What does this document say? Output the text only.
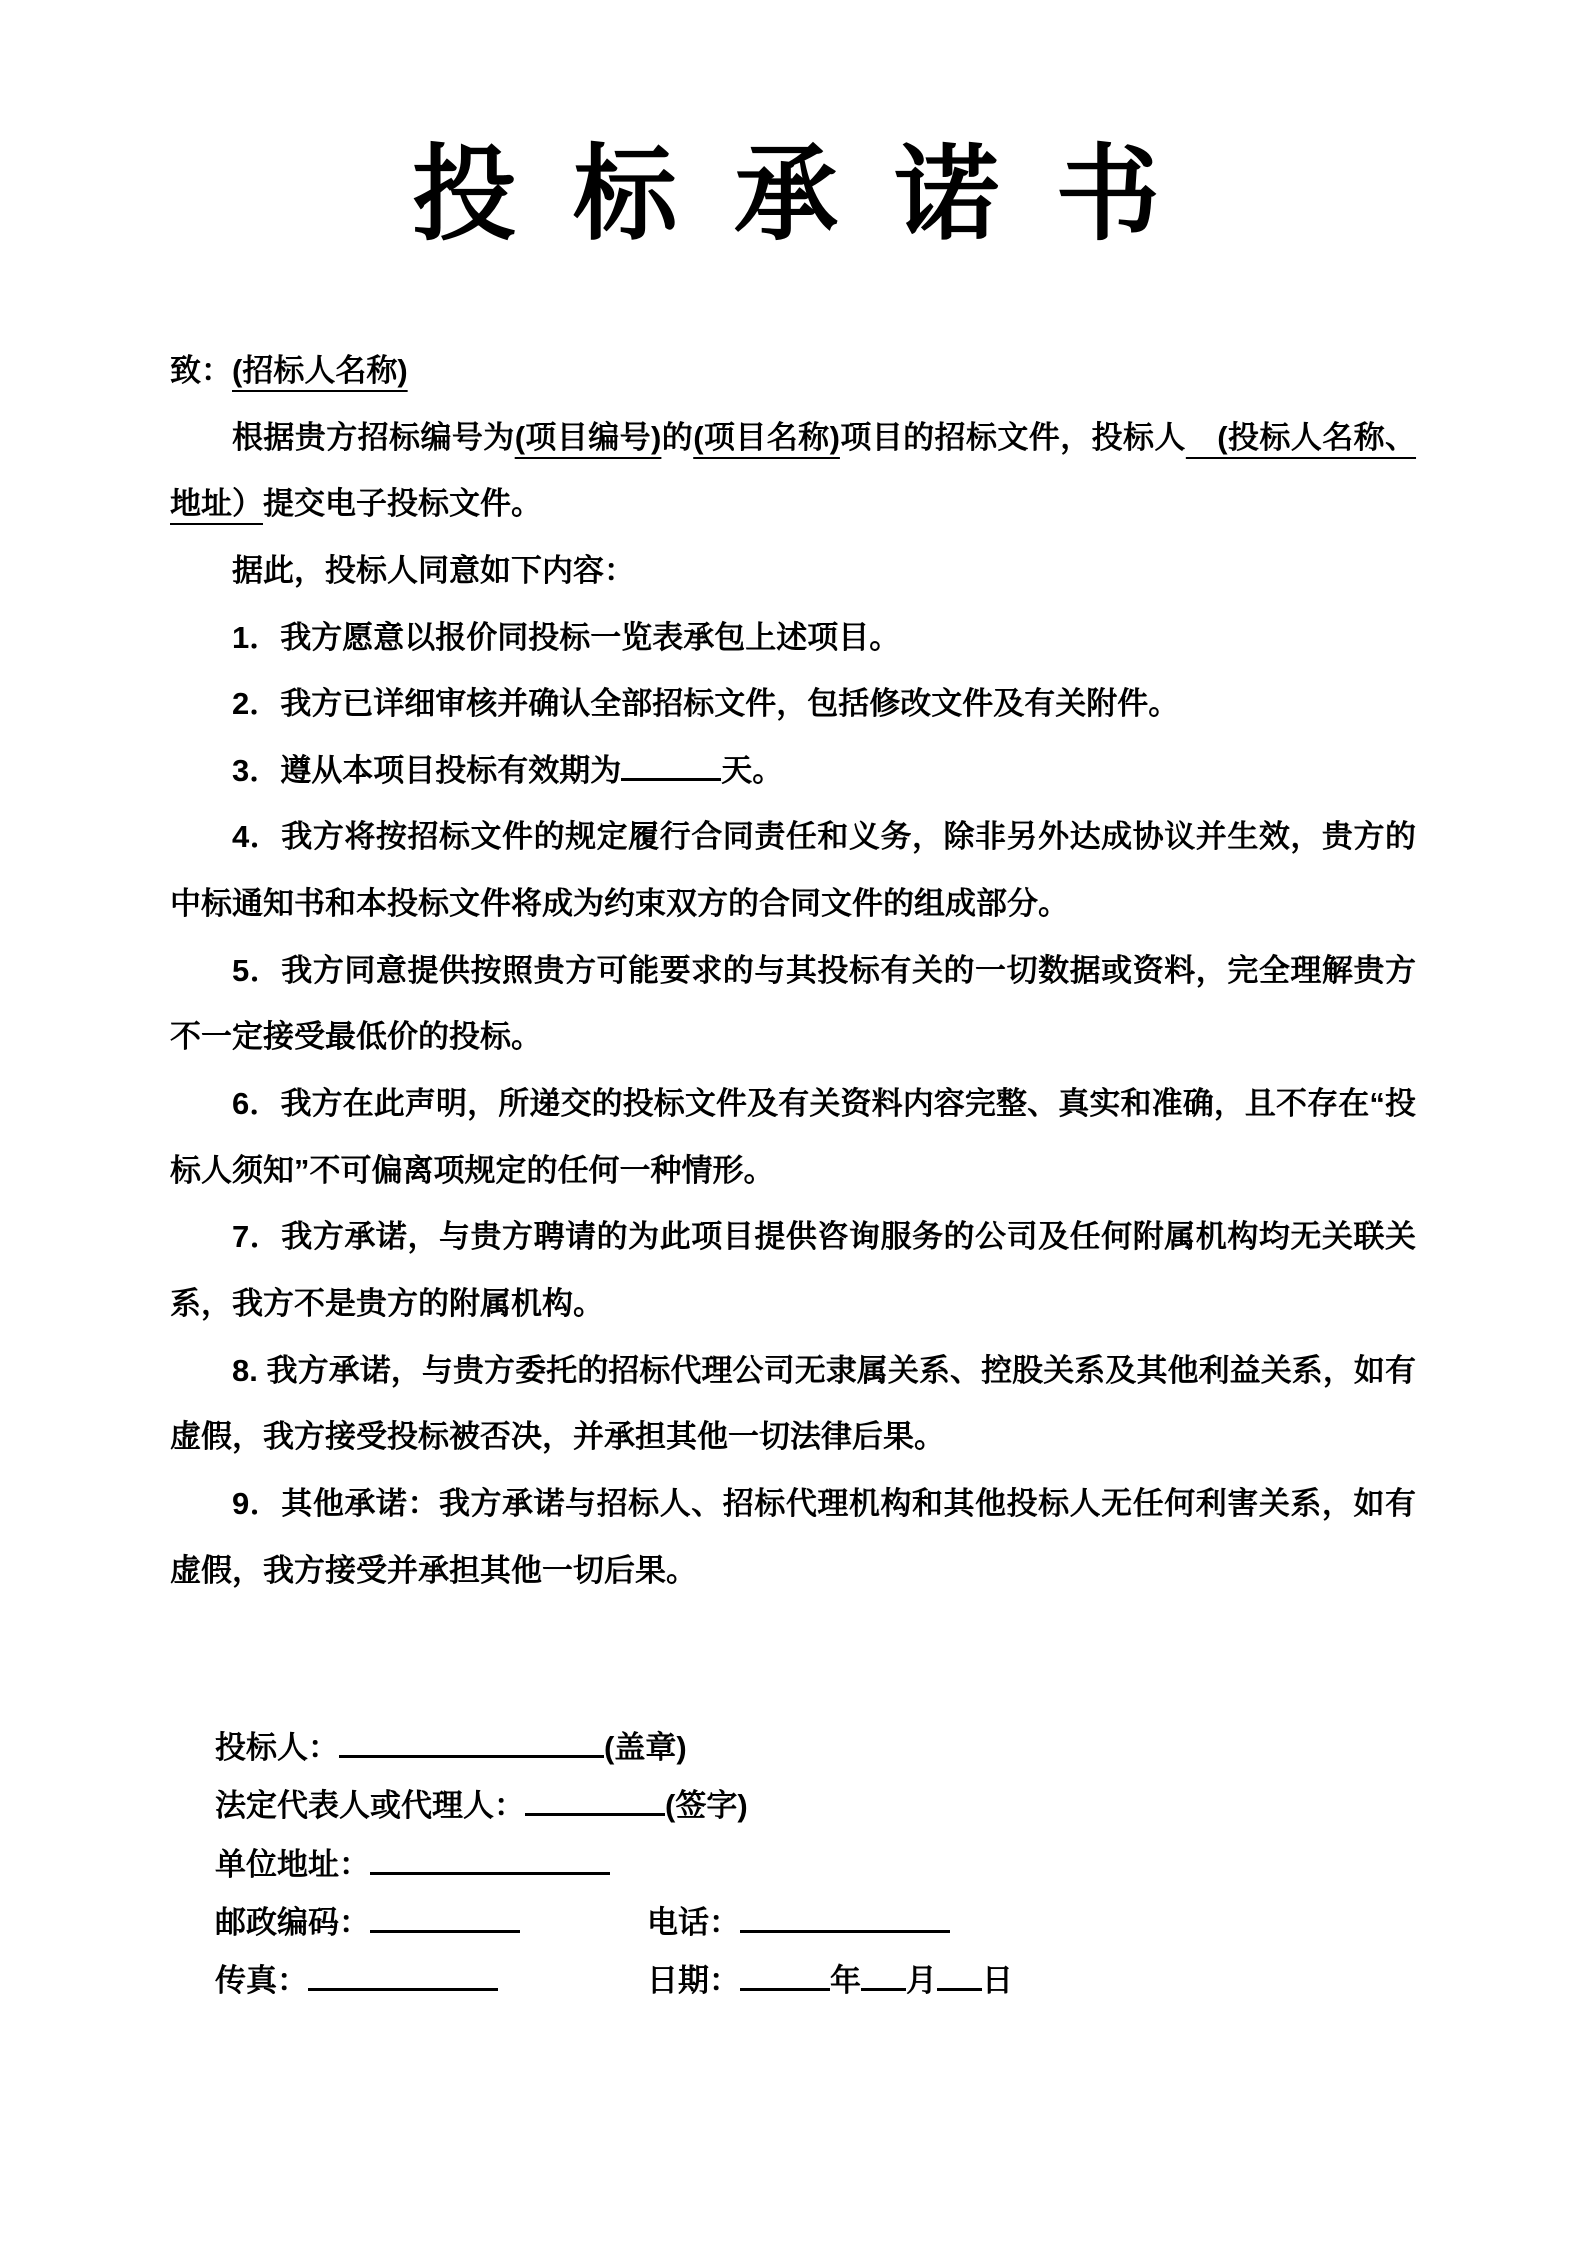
投 标 承 诺 书

致：(招标人名称)

根据贵方招标编号为(项目编号)的(项目名称)项目的招标文件，投标人　(投标人名称、地址）提交电子投标文件。

据此，投标人同意如下内容：

1．我方愿意以报价同投标一览表承包上述项目。

2．我方已详细审核并确认全部招标文件，包括修改文件及有关附件。

3．遵从本项目投标有效期为	天。

4．我方将按招标文件的规定履行合同责任和义务，除非另外达成协议并生效，贵方的中标通知书和本投标文件将成为约束双方的合同文件的组成部分。

5．我方同意提供按照贵方可能要求的与其投标有关的一切数据或资料，完全理解贵方不一定接受最低价的投标。

6．我方在此声明，所递交的投标文件及有关资料内容完整、真实和准确，且不存在“投标人须知”不可偏离项规定的任何一种情形。

7．我方承诺，与贵方聘请的为此项目提供咨询服务的公司及任何附属机构均无关联关系，我方不是贵方的附属机构。

8. 我方承诺，与贵方委托的招标代理公司无隶属关系、控股关系及其他利益关系，如有虚假，我方接受投标被否决，并承担其他一切法律后果。

9．其他承诺：我方承诺与招标人、招标代理机构和其他投标人无任何利害关系，如有虚假，我方接受并承担其他一切后果。

投标人：	(盖章)
法定代表人或代理人：	(签字)
单位地址：
邮政编码：	电话：
传真：	日期：	年 月 日
